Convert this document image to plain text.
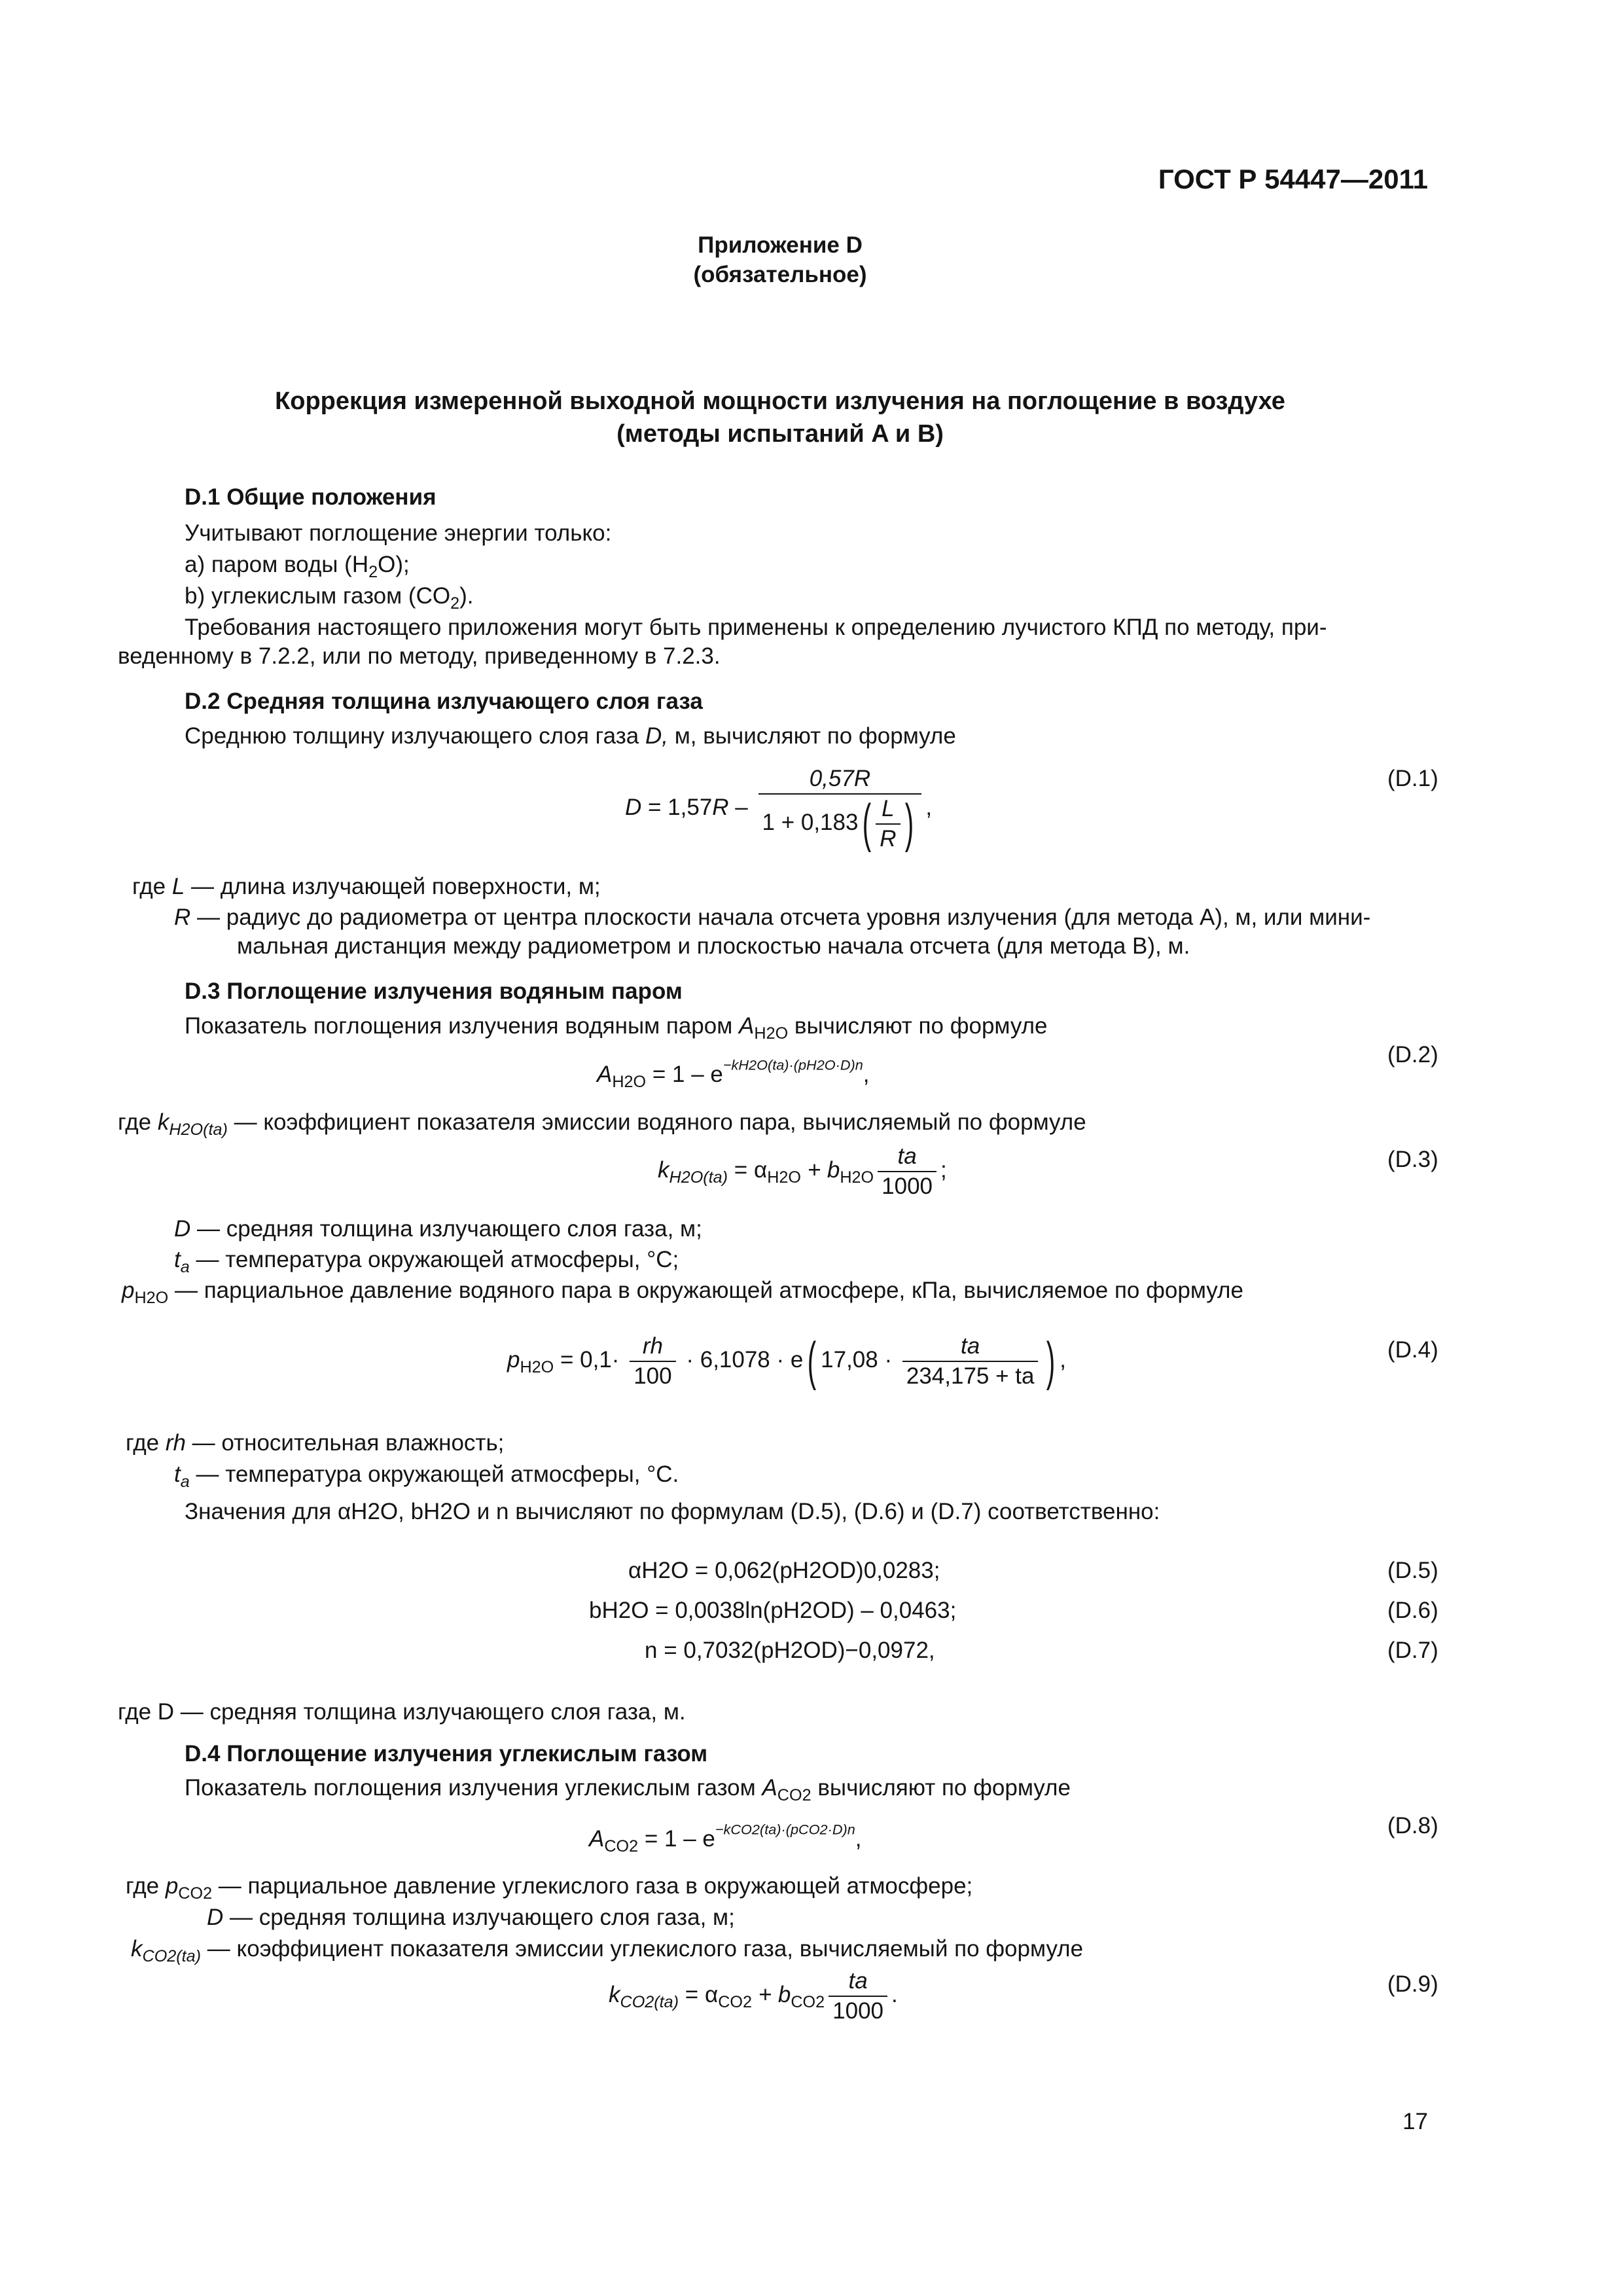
ГОСТ Р 54447—2011
Приложение D
(обязательное)
Коррекция измеренной выходной мощности излучения на поглощение в воздухе
(методы испытаний A и B)
D.1 Общие положения
Учитывают поглощение энергии только:
а) паром воды $(H_2O)$;
b) углекислым газом $(CO_2)$.
Требования настоящего приложения могут быть применены к определению лучистого КПД по методу, при-
веденному в 7.2.2, или по методу, приведенному в 7.2.3.
D.2 Средняя толщина излучающего слоя газа
Среднюю толщину излучающего слоя газа D, м, вычисляют по формуле
$D = 1,57R - \frac{0,57R}{1 + 0,183( \frac{L}{R} )}$ ,
(D.1)
где L — длина излучающей поверхности, м;
R — радиус до радиометра от центра плоскости начала отсчета уровня излучения (для метода A), м, или мини-
мальная дистанция между радиометром и плоскостью начала отсчета (для метода B), м.
D.3 Поглощение излучения водяным паром
Показатель поглощения излучения водяным паром $A_{H2O}$ вычисляют по формуле
$A_{H2O} = 1 - e^{-kH2O(ta)\cdot(pH2O\cdot D)n}$,
(D.2)
где $k_{H2O(ta)}$ — коэффициент показателя эмиссии водяного пара, вычисляемый по формуле
$k_{H2O(ta)} = \alpha_{H2O} + b_{H2O} \frac{ta}{1000}$ ;	(D.3)
D — средняя толщина излучающего слоя газа, м;
$t_a$ — температура окружающей атмосферы, °С;
$p_{H2O}$ — парциальное давление водяного пара в окружающей атмосфере, кПа, вычисляемое по формуле
$p_{H2O} = 0,1\cdot \frac{rh}{100} \cdot 6,1078 \cdot e$( $17,08 \cdot \frac{ta}{234,175 + ta}$ ) ,	(D.4)
где rh — относительная влажность;
$t_a$ — температура окружающей атмосферы, °С.
Значения для αH2O, bH2O и n вычисляют по формулам (D.5), (D.6) и (D.7) соответственно:
αH2O = 0,062(pH2OD)0,0283;	(D.5)
bH2O = 0,0038ln(pH2OD) – 0,0463;	(D.6)
n = 0,7032(pH2OD)−0,0972,	(D.7)
где D — средняя толщина излучающего слоя газа, м.
D.4 Поглощение излучения углекислым газом
Показатель поглощения излучения углекислым газом $A_{CO2}$ вычисляют по формуле
$A_{CO2} = 1 - e^{-kCO2(ta)\cdot(pCO2\cdot D)n}$,
(D.8)
где $p_{CO2}$ — парциальное давление углекислого газа в окружающей атмосфере;
D — средняя толщина излучающего слоя газа, м;
$k_{CO2(ta)}$ — коэффициент показателя эмиссии углекислого газа, вычисляемый по формуле
$k_{CO2(ta)} = \alpha_{CO2} + b_{CO2} \frac{ta}{1000}$ .	(D.9)
17
